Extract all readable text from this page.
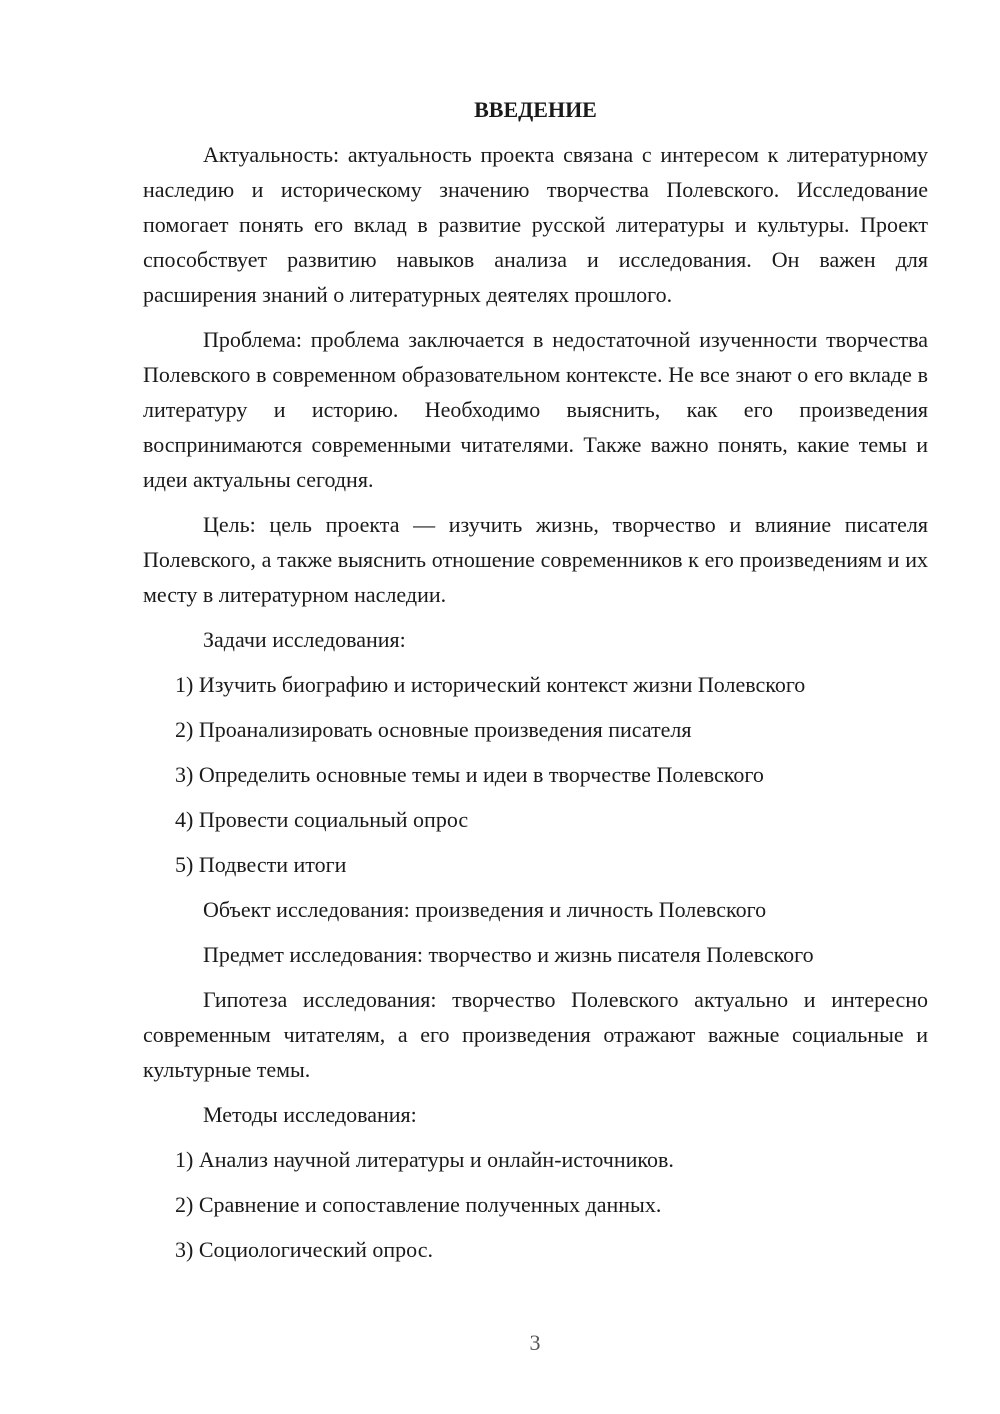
ВВЕДЕНИЕ

Актуальность: актуальность проекта связана с интересом к литературному наследию и историческому значению творчества Полевского. Исследование помогает понять его вклад в развитие русской литературы и культуры. Проект способствует развитию навыков анализа и исследования. Он важен для расширения знаний о литературных деятелях прошлого.

Проблема: проблема заключается в недостаточной изученности творчества Полевского в современном образовательном контексте. Не все знают о его вкладе в литературу и историю. Необходимо выяснить, как его произведения воспринимаются современными читателями. Также важно понять, какие темы и идеи актуальны сегодня.

Цель: цель проекта — изучить жизнь, творчество и влияние писателя Полевского, а также выяснить отношение современников к его произведениям и их месту в литературном наследии.

Задачи исследования:

1) Изучить биографию и исторический контекст жизни Полевского
2) Проанализировать основные произведения писателя
3) Определить основные темы и идеи в творчестве Полевского
4) Провести социальный опрос
5) Подвести итоги

Объект исследования: произведения и личность Полевского

Предмет исследования: творчество и жизнь писателя Полевского

Гипотеза исследования: творчество Полевского актуально и интересно современным читателям, а его произведения отражают важные социальные и культурные темы.

Методы исследования:

1) Анализ научной литературы и онлайн-источников.
2) Сравнение и сопоставление полученных данных.
3) Социологический опрос.
3
